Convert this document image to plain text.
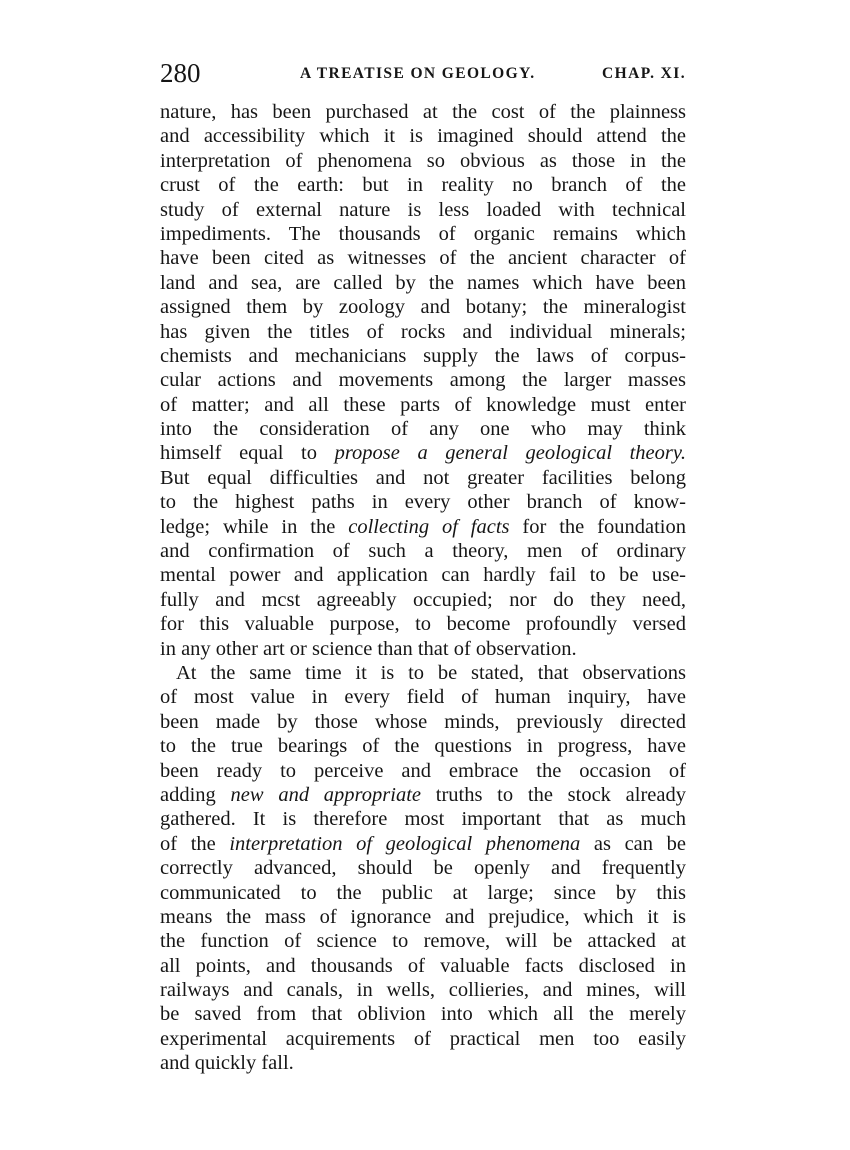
280	A TREATISE ON GEOLOGY.	CHAP. XI.
nature, has been purchased at the cost of the plainness
and accessibility which it is imagined should attend the
interpretation of phenomena so obvious as those in the
crust of the earth: but in reality no branch of the
study of external nature is less loaded with technical
impediments. The thousands of organic remains which
have been cited as witnesses of the ancient character of
land and sea, are called by the names which have been
assigned them by zoology and botany; the mineralogist
has given the titles of rocks and individual minerals;
chemists and mechanicians supply the laws of corpus-
cular actions and movements among the larger masses
of matter; and all these parts of knowledge must enter
into the consideration of any one who may think
himself equal to propose a general geological theory.
But equal difficulties and not greater facilities belong
to the highest paths in every other branch of know-
ledge; while in the collecting of facts for the foundation
and confirmation of such a theory, men of ordinary
mental power and application can hardly fail to be use-
fully and mcst agreeably occupied; nor do they need,
for this valuable purpose, to become profoundly versed
in any other art or science than that of observation.
At the same time it is to be stated, that observations
of most value in every field of human inquiry, have
been made by those whose minds, previously directed
to the true bearings of the questions in progress, have
been ready to perceive and embrace the occasion of
adding new and appropriate truths to the stock already
gathered. It is therefore most important that as much
of the interpretation of geological phenomena as can be
correctly advanced, should be openly and frequently
communicated to the public at large; since by this
means the mass of ignorance and prejudice, which it is
the function of science to remove, will be attacked at
all points, and thousands of valuable facts disclosed in
railways and canals, in wells, collieries, and mines, will
be saved from that oblivion into which all the merely
experimental acquirements of practical men too easily
and quickly fall.
